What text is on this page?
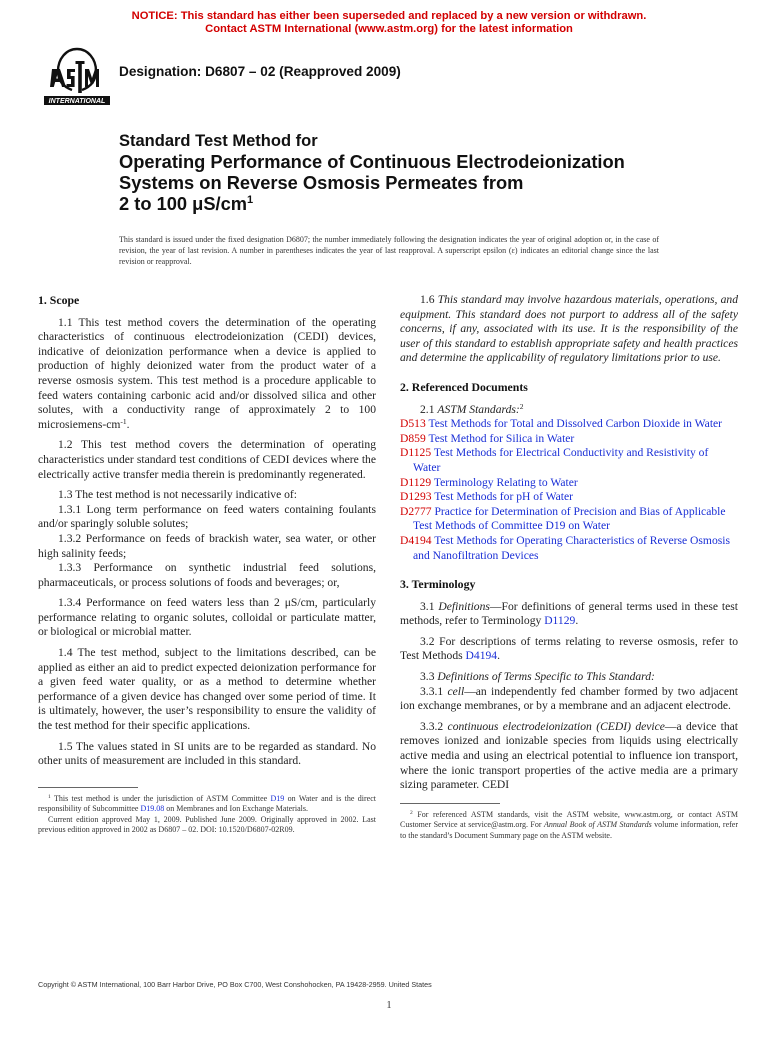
NOTICE: This standard has either been superseded and replaced by a new version or withdrawn.
Contact ASTM International (www.astm.org) for the latest information
INTERNATIONAL
Designation: D6807 – 02 (Reapproved 2009)
Standard Test Method for
Operating Performance of Continuous Electrodeionization
Systems on Reverse Osmosis Permeates from
2 to 100 $\mu S/cm^1$
This standard is issued under the fixed designation D6807; the number immediately following the designation indicates the year of original adoption or, in the case of revision, the year of last revision. A number in parentheses indicates the year of last reapproval. A superscript epsilon (ε) indicates an editorial change since the last revision or reapproval.
1. Scope

1.1 This test method covers the determination of the operating characteristics of continuous electrodeionization (CEDI) devices, indicative of deionization performance when a device is applied to production of highly deionized water from the product water of a reverse osmosis system. This test method is a procedure applicable to feed waters containing carbonic acid and/or dissolved silica and other solutes, with a conductivity range of approximately 2 to 100 microsiemens-$cm^{-1}$.

1.2 This test method covers the determination of operating characteristics under standard test conditions of CEDI devices where the electrically active transfer media therein is predominantly regenerated.

1.3 The test method is not necessarily indicative of:

1.3.1 Long term performance on feed waters containing foulants and/or sparingly soluble solutes;

1.3.2 Performance on feeds of brackish water, sea water, or other high salinity feeds;

1.3.3 Performance on synthetic industrial feed solutions, pharmaceuticals, or process solutions of foods and beverages; or,

1.3.4 Performance on feed waters less than 2 μS/cm, particularly performance relating to organic solutes, colloidal or particulate matter, or biological or microbial matter.

1.4 The test method, subject to the limitations described, can be applied as either an aid to predict expected deionization performance for a given feed water quality, or as a method to determine whether performance of a given device has changed over some period of time. It is ultimately, however, the user’s responsibility to ensure the validity of the test method for their specific applications.

1.5 The values stated in SI units are to be regarded as standard. No other units of measurement are included in this standard.

$^1$ This test method is under the jurisdiction of ASTM Committee D19 on Water and is the direct responsibility of Subcommittee D19.08 on Membranes and Ion Exchange Materials.

Current edition approved May 1, 2009. Published June 2009. Originally approved in 2002. Last previous edition approved in 2002 as D6807 – 02. DOI: 10.1520/D6807-02R09.

1.6 This standard may involve hazardous materials, operations, and equipment. This standard does not purport to address all of the safety concerns, if any, associated with its use. It is the responsibility of the user of this standard to establish appropriate safety and health practices and determine the applicability of regulatory limitations prior to use.

2. Referenced Documents

2.1 ASTM Standards:$^2$

D513 Test Methods for Total and Dissolved Carbon Dioxide in Water
D859 Test Method for Silica in Water
D1125 Test Methods for Electrical Conductivity and Resistivity of Water
D1129 Terminology Relating to Water
D1293 Test Methods for pH of Water
D2777 Practice for Determination of Precision and Bias of Applicable Test Methods of Committee D19 on Water
D4194 Test Methods for Operating Characteristics of Reverse Osmosis and Nanofiltration Devices
3. Terminology

3.1 Definitions—For definitions of general terms used in these test methods, refer to Terminology D1129.

3.2 For descriptions of terms relating to reverse osmosis, refer to Test Methods D4194.

3.3 Definitions of Terms Specific to This Standard:

3.3.1 cell—an independently fed chamber formed by two adjacent ion exchange membranes, or by a membrane and an adjacent electrode.

3.3.2 continuous electrodeionization (CEDI) device—a device that removes ionized and ionizable species from liquids using electrically active media and using an electrical potential to influence ion transport, where the ionic transport properties of the active media are a primary sizing parameter. CEDI

$^2$ For referenced ASTM standards, visit the ASTM website, www.astm.org, or contact ASTM Customer Service at service@astm.org. For Annual Book of ASTM Standards volume information, refer to the standard’s Document Summary page on the ASTM website.

Copyright © ASTM International, 100 Barr Harbor Drive, PO Box C700, West Conshohocken, PA 19428-2959. United States
1
